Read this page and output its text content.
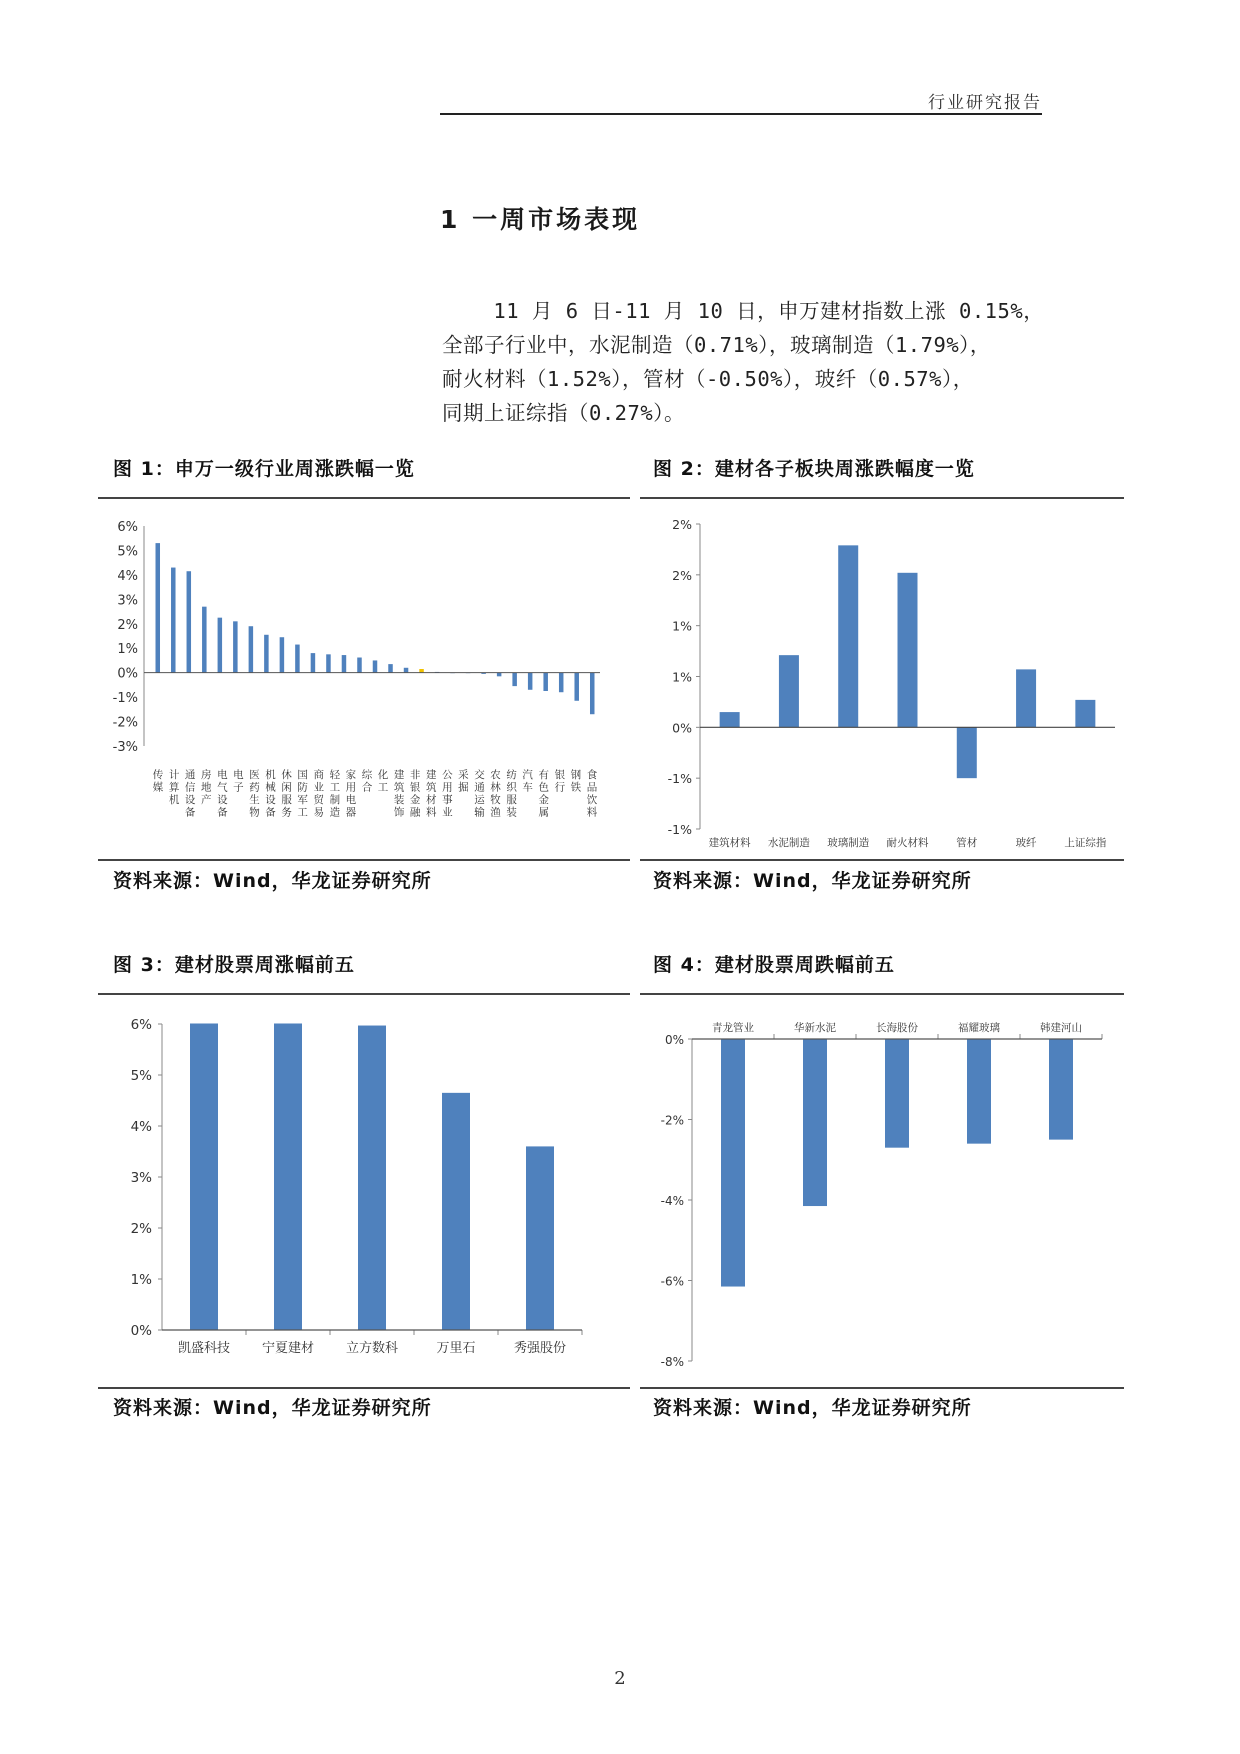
行业研究报告
1 一周市场表现
11 月 6 日-11 月 10 日，申万建材指数上涨 0.15%，
全部子行业中，水泥制造（0.71%），玻璃制造（1.79%），
耐火材料（1.52%），管材（-0.50%），玻纤（0.57%），
同期上证综指（0.27%）。
图 1：申万一级行业周涨跌幅一览
-3%
-2%
-1%
0%
1%
2%
3%
4%
5%
6%
传
媒
计
算
机
通
信
设
备
房
地
产
电
气
设
备
电
子
医
药
生
物
机
械
设
备
休
闲
服
务
国
防
军
工
商
业
贸
易
轻
工
制
造
家
用
电
器
综
合
化
工
建
筑
装
饰
非
银
金
融
建
筑
材
料
公
用
事
业
采
掘
交
通
运
输
农
林
牧
渔
纺
织
服
装
汽
车
有
色
金
属
银
行
钢
铁
食
品
饮
料
资料来源：Wind，华龙证券研究所
图 2：建材各子板块周涨跌幅度一览
-1%
-1%
0%
1%
1%
2%
2%
建筑材料 水泥制造 玻璃制造 耐火材料	管材	玻纤	上证综指
资料来源：Wind，华龙证券研究所
图 3：建材股票周涨幅前五
0%
1%
2%
3%
4%
5%
6%
凯盛科技 宁夏建材 立方数科	万里石	秀强股份
资料来源：Wind，华龙证券研究所
图 4：建材股票周跌幅前五
0%
-2%
-4%
-6%
-8%
青龙管业	华新水泥	长海股份	福耀玻璃	韩建河山
资料来源：Wind，华龙证券研究所
2
